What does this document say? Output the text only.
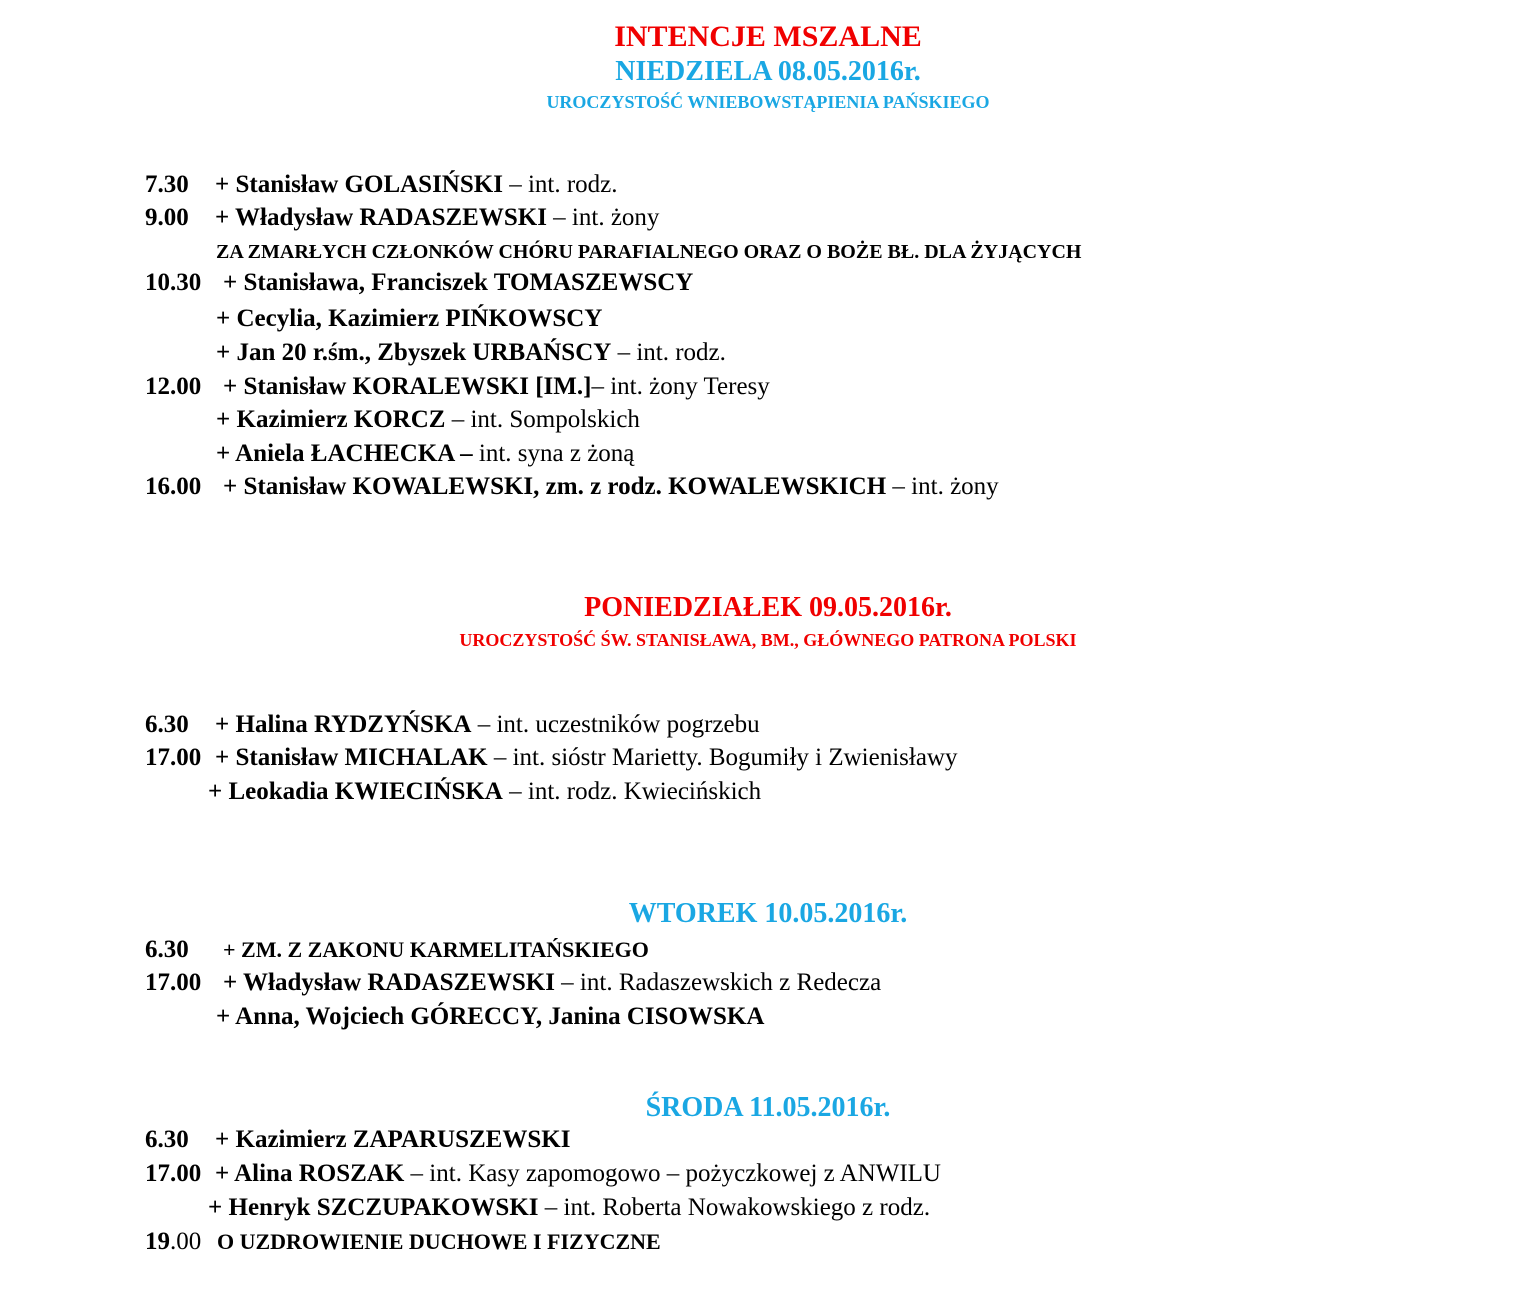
INTENCJE MSZALNE
NIEDZIELA 08.05.2016r.
UROCZYSTOŚĆ WNIEBOWSTĄPIENIA PAŃSKIEGO
7.30 + Stanisław GOLASIŃSKI – int. rodz.
9.00 + Władysław RADASZEWSKI – int. żony
ZA ZMARŁYCH CZŁONKÓW CHÓRU PARAFIALNEGO ORAZ O BOŻE BŁ. DLA ŻYJĄCYCH
10.30 + Stanisława, Franciszek TOMASZEWSCY
+ Cecylia, Kazimierz PIŃKOWSCY
+ Jan 20 r.śm., Zbyszek URBAŃSCY – int. rodz.
12.00 + Stanisław KORALEWSKI [IM.]– int. żony Teresy
+ Kazimierz KORCZ – int. Sompolskich
+ Aniela ŁACHECKA – int. syna z żoną
16.00 + Stanisław KOWALEWSKI, zm. z rodz. KOWALEWSKICH – int. żony
PONIEDZIAŁEK 09.05.2016r.
UROCZYSTOŚĆ ŚW. STANISŁAWA, BM., GŁÓWNEGO PATRONA POLSKI
6.30 + Halina RYDZYŃSKA – int. uczestników pogrzebu
17.00 + Stanisław MICHALAK – int. sióstr Marietty. Bogumiły i Zwienisławy
+ Leokadia KWIECIŃSKA – int. rodz. Kwiecińskich
WTOREK 10.05.2016r.
6.30 + ZM. Z ZAKONU KARMELITAŃSKIEGO
17.00 + Władysław RADASZEWSKI – int. Radaszewskich z Redecza
+ Anna, Wojciech GÓRECCY, Janina CISOWSKA
ŚRODA 11.05.2016r.
6.30 + Kazimierz ZAPARUSZEWSKI
17.00 + Alina ROSZAK – int. Kasy zapomogowo – pożyczkowej z ANWILU
+ Henryk SZCZUPAKOWSKI – int. Roberta Nowakowskiego z rodz.
19.00 O UZDROWIENIE DUCHOWE I FIZYCZNE
